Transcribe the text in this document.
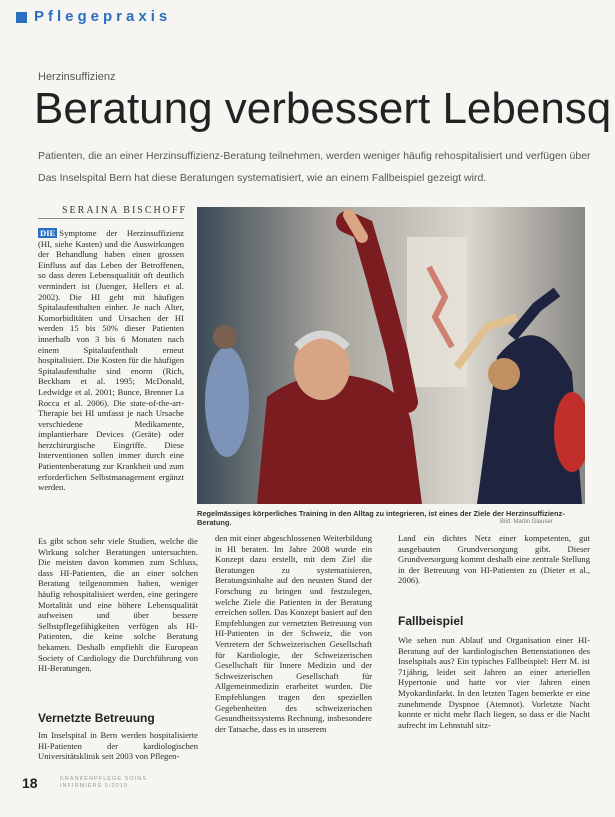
Pflegepraxis
Herzinsuffizienz
Beratung verbessert Lebensq
Patienten, die an einer Herzinsuffizienz-Beratung teilnehmen, werden weniger häufig rehospitalisiert und verfügen über
Das Inselspital Bern hat diese Beratungen systematisiert, wie an einem Fallbeispiel gezeigt wird.
SERAINA BISCHOFF

DIE Symptome der Herzinsuffizienz (HI, siehe Kasten) und die Auswirkungen der Behandlung haben einen grossen Einfluss auf das Leben der Betroffenen, so dass deren Lebensqualität oft deutlich vermindert ist (Juenger, Hellers et al. 2002). Die HI geht mit häufigen Spitalaufenthalten einher. Je nach Alter, Komorbiditäten und Ursachen der HI werden 15 bis 50% dieser Patienten innerhalb von 3 bis 6 Monaten nach einem Spitalaufenthalt erneut hospitalisiert. Die Kosten für die häufigen Spitalaufenthalte sind enorm (Rich, Beckham et al. 1995; McDonald, Ledwidge et al. 2001; Bunce, Brenner La Rocca et al. 2006). Die state-of-the-art-Therapie bei HI umfasst je nach Ursache verschiedene Medikamente, implantierbare Devices (Geräte) oder herzchirurgische Eingriffe. Diese Interventionen sollen immer durch eine Patientenberatung zur Krankheit und zum erforderlichen Selbstmanagement ergänzt werden.

Es gibt schon sehr viele Studien, welche die Wirkung solcher Beratungen untersuchten. Die meisten davon kommen zum Schluss, dass HI-Patienten, die an einer solchen Beratung teilgenommen haben, weniger häufig rehospitalisiert werden, eine geringere Mortalität und eine höhere Lebensqualität aufweisen und über bessere Selbstpflegefähigkeiten verfügen als HI-Patienten, die keine solche Beratung bekamen. Deshalb empfiehlt die European Society of Cardiology die Durchführung von HI-Beratungen.

Vernetzte Betreuung

Im Inselspital in Bern werden hospitalisierte HI-Patienten der kardiologischen Universitätsklinik seit 2003 von Pflegen-

Regelmässiges körperliches Training in den Alltag zu integrieren, ist eines der Ziele der Herzinsuffizienz-Beratung.	Bild: Martin Glauser

den mit einer abgeschlossenen Weiterbildung in HI beraten. Im Jahre 2008 wurde ein Konzept dazu erstellt, mit dem Ziel die Beratungen zu systematisieren, Beratungsinhalte auf den neusten Stand der Forschung zu bringen und festzulegen, welche Ziele die Patienten in der Beratung erreichen sollen. Das Konzept basiert auf den Empfehlungen zur vernetzten Betreuung von HI-Patienten in der Schweiz, die von Vertretern der Schweizerischen Gesellschaft für Kardiologie, der Schweizerischen Gesellschaft für Innere Medizin und der Schweizerischen Gesellschaft für Allgemeinmedizin erarbeitet wurden. Die Empfehlungen tragen den speziellen Gegebenheiten des schweizerischen Gesundheitssystems Rechnung, insbesondere der Tatsache, dass es in unserem

Land ein dichtes Netz einer kompetenten, gut ausgebauten Grundversorgung gibt. Dieser Grundversorgung kommt deshalb eine zentrale Stellung in der Betreuung von HI-Patienten zu (Dieter et al., 2006).

Fallbeispiel

Wie sehen nun Ablauf und Organisation einer HI-Beratung auf der kardiologischen Bettenstationen des Inselspitals aus? Ein typisches Fallbeispiel: Herr M. ist 71jährig, leidet seit Jahren an einer arteriellen Hypertonie und hatte vor vier Jahren einen Myokardinfarkt. In den letzten Tagen bemerkte er eine zunehmende Dyspnoe (Atemnot). Vorletzte Nacht konnte er nicht mehr flach liegen, so dass er die Nacht aufrecht im Lehnstuhl sitz-

18	KRANKENPFLEGE SOINS
INFIRMIERS 5/2010
